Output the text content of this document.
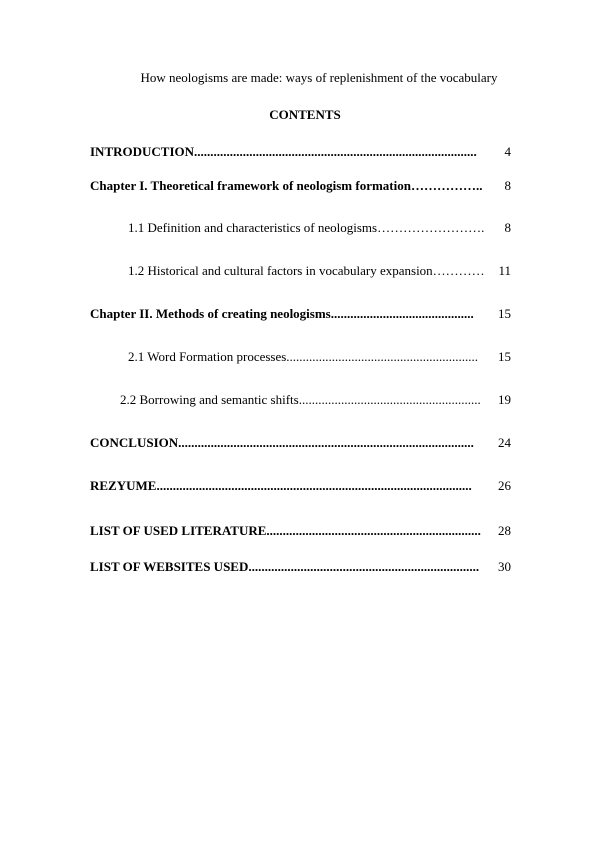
How neologisms are made: ways of replenishment of the vocabulary
CONTENTS
INTRODUCTION....................................................................................... 4
Chapter I. Theoretical framework of neologism formation…………….. 8
1.1 Definition and characteristics of neologisms……………………. 8
1.2 Historical and cultural factors in vocabulary expansion………… 11
Chapter II. Methods of creating neologisms............................................ 15
2.1 Word Formation processes........................................................... 15
2.2 Borrowing and semantic shifts........................................................ 19
CONCLUSION........................................................................................... 24
REZYUME................................................................................................. 26
LIST OF USED LITERATURE.................................................................. 28
LIST OF WEBSITES USED....................................................................... 30
